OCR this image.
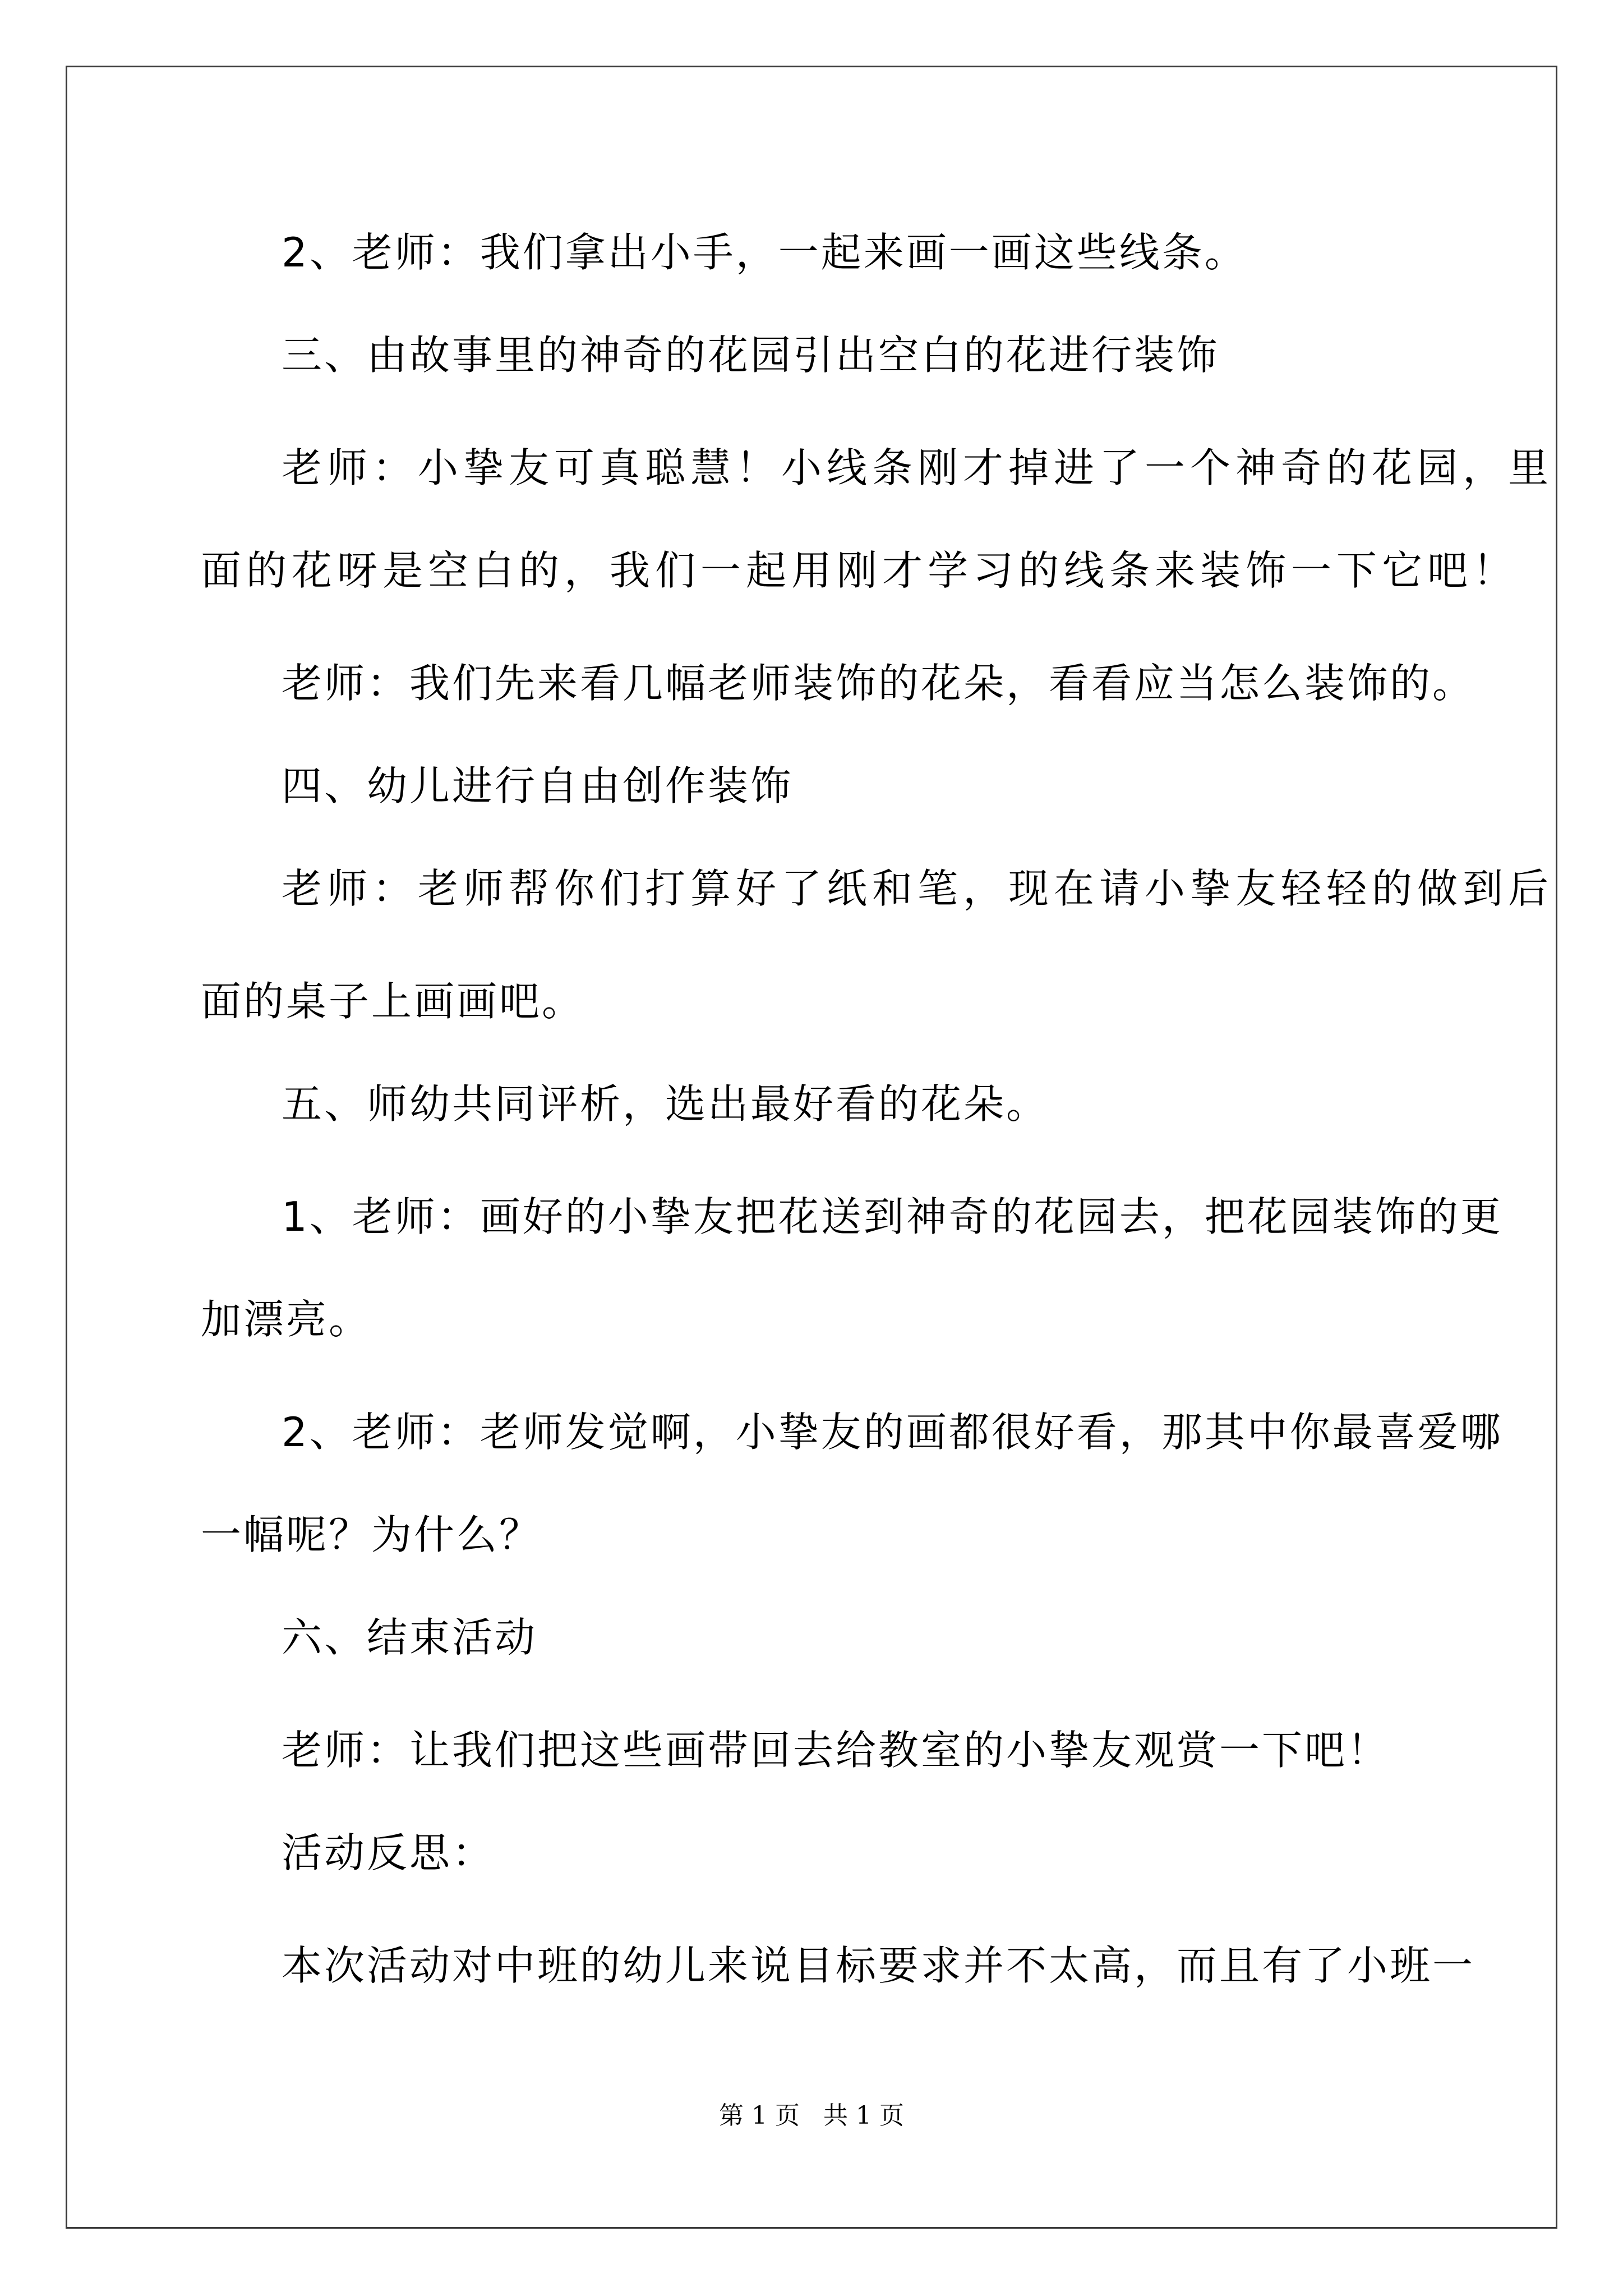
2、老师：我们拿出小手，一起来画一画这些线条。

三、由故事里的神奇的花园引出空白的花进行装饰

老师：小挚友可真聪慧！小线条刚才掉进了一个神奇的花园，里

面的花呀是空白的，我们一起用刚才学习的线条来装饰一下它吧！

老师：我们先来看几幅老师装饰的花朵，看看应当怎么装饰的。

四、幼儿进行自由创作装饰

老师：老师帮你们打算好了纸和笔，现在请小挚友轻轻的做到后

面的桌子上画画吧。

五、师幼共同评析，选出最好看的花朵。

1、老师：画好的小挚友把花送到神奇的花园去，把花园装饰的更

加漂亮。

2、老师：老师发觉啊，小挚友的画都很好看，那其中你最喜爱哪

一幅呢？为什么？

六、结束活动

老师：让我们把这些画带回去给教室的小挚友观赏一下吧！

活动反思：

本次活动对中班的幼儿来说目标要求并不太高，而且有了小班一

第 1 页   共 1 页
